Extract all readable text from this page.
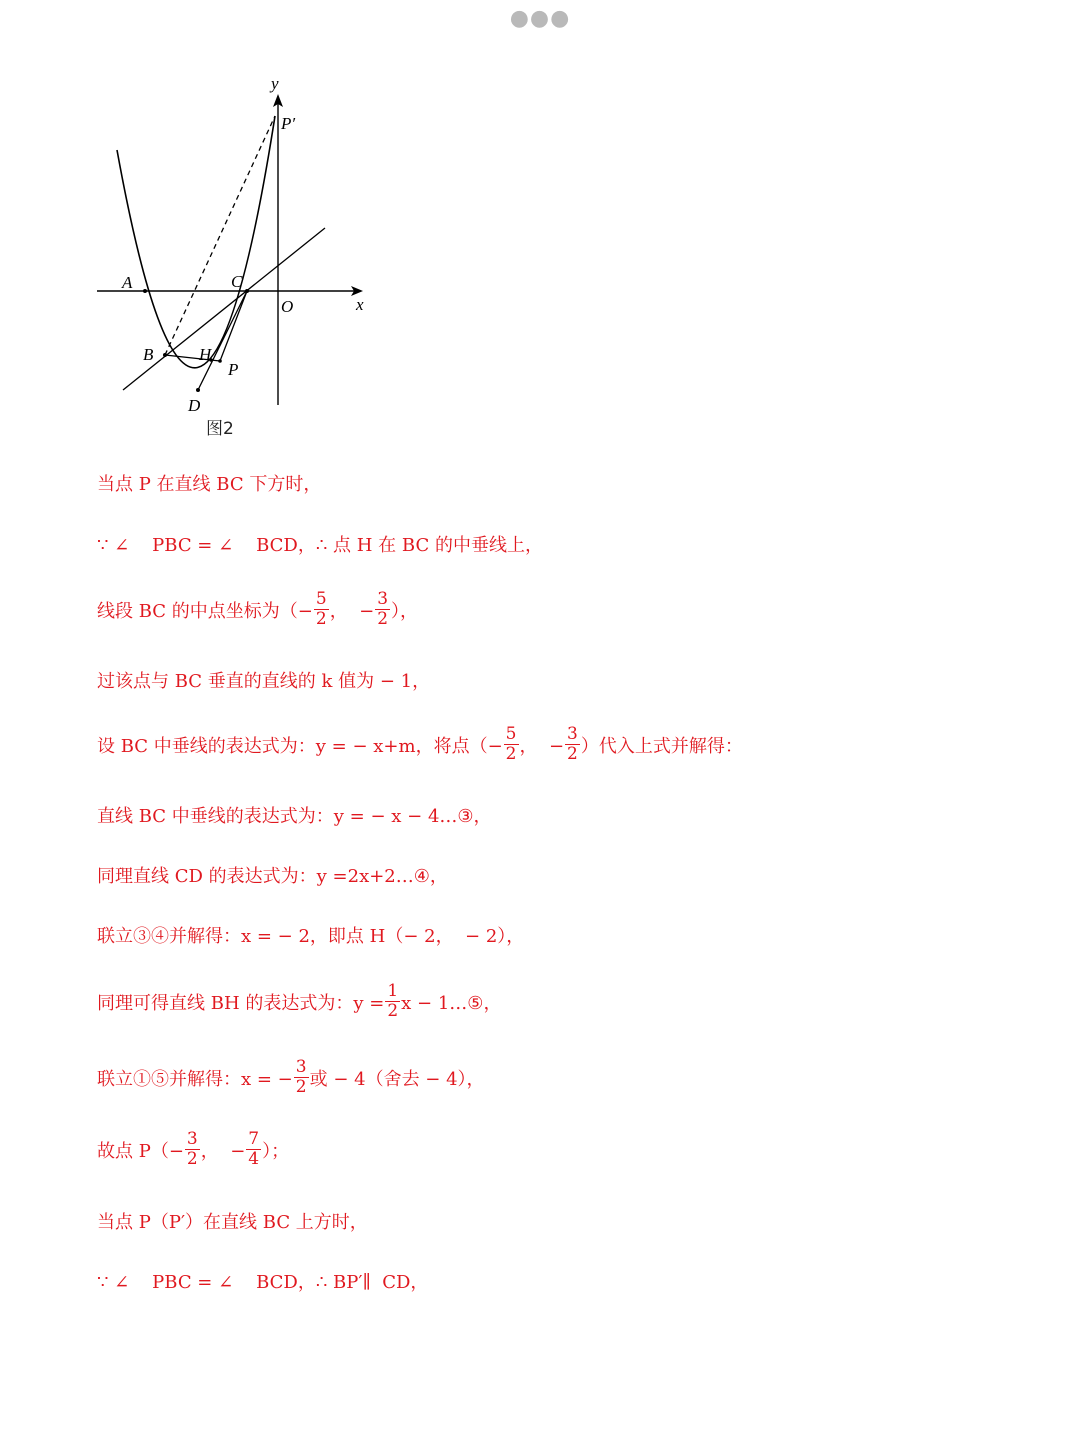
●●●
y
x
O
A	C
B	H
P
D
P′
图2
当点 P 在直线 BC 下方时，
∵ ∠    PBC = ∠    BCD，∴ 点 H 在 BC 的中垂线上，
线段 BC 的中点坐标为（− $\frac{5}{2}$ ，  − $\frac{3}{2}$ ），
过该点与 BC 垂直的直线的 k 值为 − 1，
设 BC 中垂线的表达式为：y = − x+m，将点（− $\frac{5}{2}$ ，  − $\frac{3}{2}$ ）代入上式并解得：
直线 BC 中垂线的表达式为：y = − x − 4…③，
同理直线 CD 的表达式为：y =2x+2…④，
联立③④并解得：x = − 2，即点 H（− 2，  − 2），
同理可得直线 BH 的表达式为：$y = \frac{1}{2}$ x − 1…⑤，
联立①⑤并解得：x = − $\frac{3}{2}$ 或 − 4（舍去 − 4），
故点 $P(- \frac{3}{2}$ ，  − $\frac{7}{4}$ ）；
当点 P（P′）在直线 BC 上方时，
∵ ∠    PBC = ∠    BCD，∴ BP′∥  CD，
